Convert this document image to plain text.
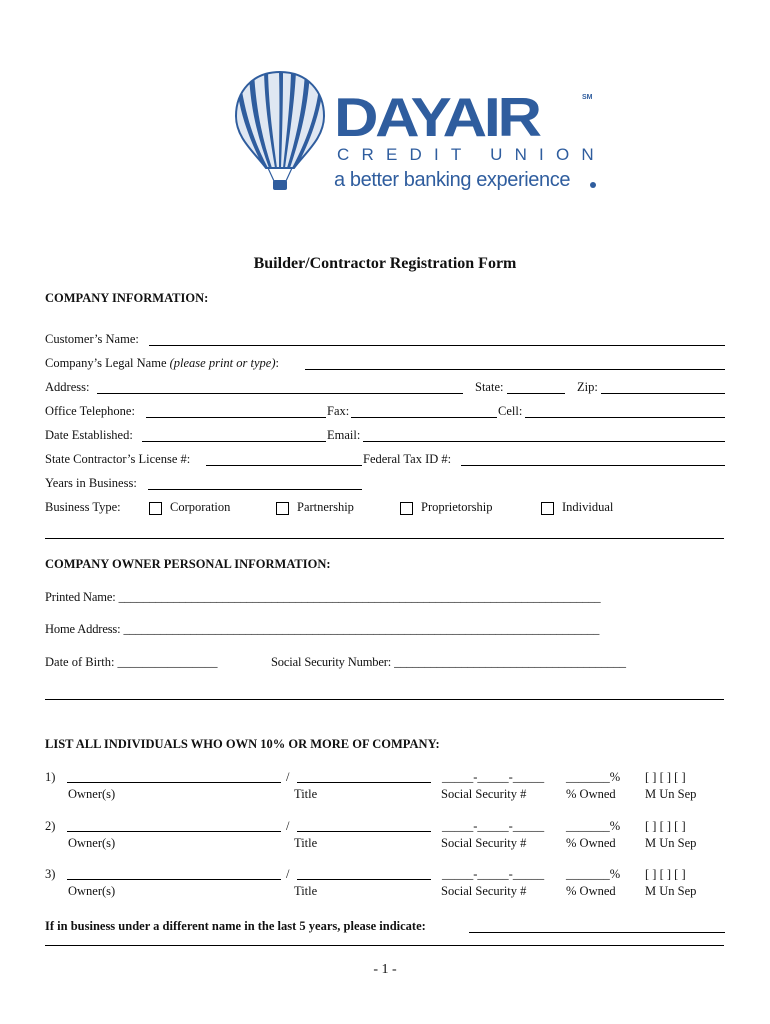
DAYAIR	SM
CREDIT UNION
a better banking experience
Builder/Contractor Registration Form
COMPANY INFORMATION:
Customer’s Name:
Company’s Legal Name (please print or type):
Address:	State:	Zip:
Office Telephone:	Fax:	Cell:
Date Established:	Email:
State Contractor’s License #:	Federal Tax ID #:
Years in Business:
Business Type:	Corporation	Partnership	Proprietorship	Individual
COMPANY OWNER PERSONAL INFORMATION:
Printed Name: _______________________________________________________________________________
Home Address: ______________________________________________________________________________
Date of Birth: ________________	Social Security Number: ______________________________________
LIST ALL INDIVIDUALS WHO OWN 10% OR MORE OF COMPANY:
1)	/	_____-_____-_____ _______% [ ] [ ] [ ]
Owner(s)	Title	Social Security #	% Owned M Un Sep
2)	/	_____-_____-_____ _______% [ ] [ ] [ ]
Owner(s)	Title	Social Security #	% Owned M Un Sep
3)	/	_____-_____-_____ _______% [ ] [ ] [ ]
Owner(s)	Title	Social Security #	% Owned M Un Sep
If in business under a different name in the last 5 years, please indicate:
- 1 -
